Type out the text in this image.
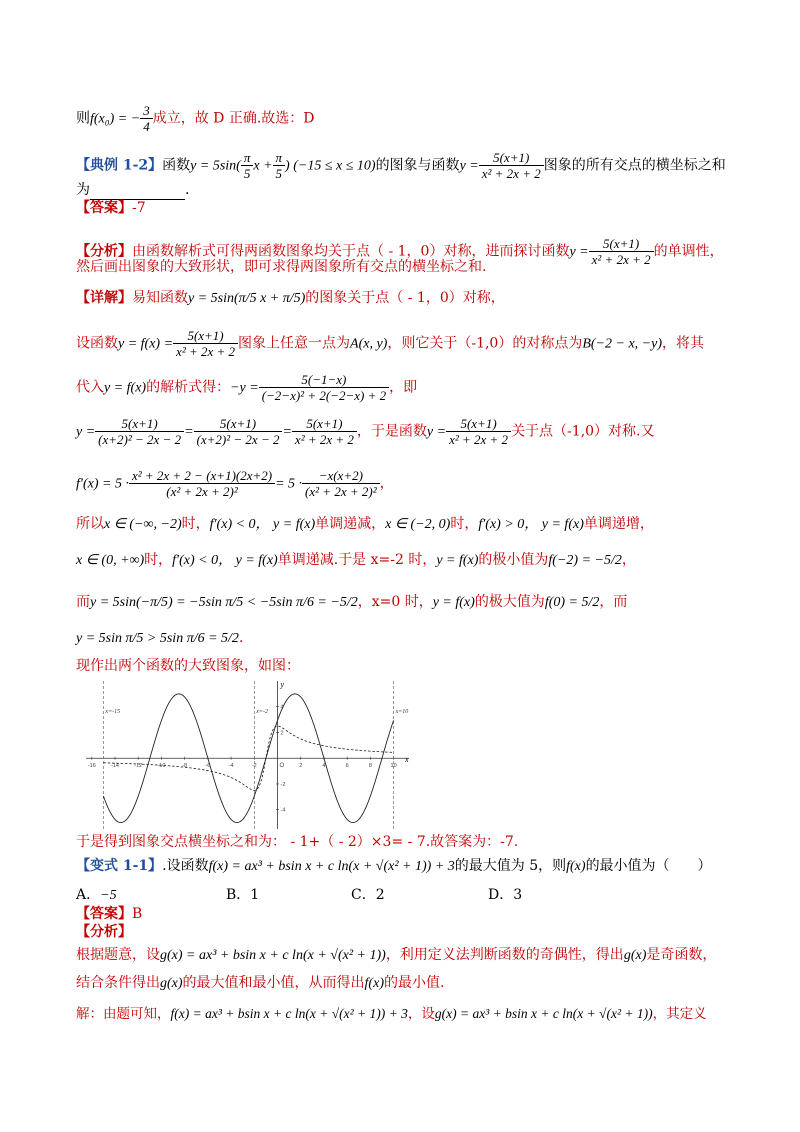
则f(x₀) = − $\frac{3}{4}$ 成立，故 D 正确.故选：D
【典例 1-2】函数$y = 5\sin( \frac{\pi}{5}$ $x + \frac{\pi}{5}$ ) (−15 ≤ x ≤ 10)的图象与函数$y = \frac{5(x+1)}{\text{x² + 2x + 2}}$ 图象的所有交点的横坐标之和
为	.
【答案】-7
【分析】由函数解析式可得两函数图象均关于点（ - 1，0）对称，进而探讨函数$y = \frac{5(x+1)}{\text{x² + 2x + 2}}$ 的单调性，
然后画出图象的大致形状，即可求得两图象所有交点的横坐标之和.
【详解】易知函数y = 5sin(π/5 x + π/5)的图象关于点（ - 1，0）对称，
设函数$y = f(x) = \frac{5(x+1)}{\text{x² + 2x + 2}}$ 图象上任意一点为A(x, y)，则它关于（-1,0）的对称点为B(−2 − x, −y)，将其
代入y = f(x)的解析式得：$-y = \frac{5(-1-x)}{\text{(−2−x)² + 2(−2−x) + 2}}$ ，即
$y = \frac{5(x+1)}{\text{(x+2)² − 2x − 2}} = \frac{5(x+1)}{\text{(x+2)² − 2x − 2}} = \frac{5(x+1)}{\text{x² + 2x + 2}}$ ，于是函数$y = \frac{5(x+1)}{\text{x² + 2x + 2}}$ 关于点（-1,0）对称.又
$f'(x) = 5 \cdot \frac{\text{x² + 2x + 2 − (x+1)(2x+2)}}{\text{(x² + 2x + 2)²}} = 5 \cdot \frac{-x(x+2)}{\text{(x² + 2x + 2)²}}$ ，
所以x ∈ (−∞, −2)时，f′(x) < 0， y = f(x)单调递减，x ∈ (−2, 0)时，f′(x) > 0， y = f(x)单调递增，
x ∈ (0, +∞)时，f′(x) < 0， y = f(x)单调递减.于是 x=-2 时，y = f(x)的极小值为f(−2) = −5/2，
而y = 5sin(−π/5) = −5sin π/5 < −5sin π/6 = −5/2，x=0 时，y = f(x)的极大值为f(0) = 5/2，而
y = 5sin π/5 > 5sin π/6 = 5/2.
现作出两个函数的大致图象，如图：
x
y
O
-16	-14	-12	-10	-8	-6	-4	-2	2	4	6	8	10
4
2
-2
-4
x=-15	x=-2	x=10
于是得到图象交点横坐标之和为： - 1+（ - 2）×3= - 7.故答案为：-7.
【变式 1-1】.设函数f(x) = ax³ + bsin x + c ln(x + √(x² + 1)) + 3的最大值为 5，则f(x)的最小值为（　　）
A．−5	B．1	C．2	D．3
【答案】B
【分析】
根据题意，设g(x) = ax³ + bsin x + c ln(x + √(x² + 1))，利用定义法判断函数的奇偶性，得出g(x)是奇函数，
结合条件得出g(x)的最大值和最小值，从而得出f(x)的最小值.
解：由题可知，f(x) = ax³ + bsin x + c ln(x + √(x² + 1)) + 3，设g(x) = ax³ + bsin x + c ln(x + √(x² + 1))，其定义
